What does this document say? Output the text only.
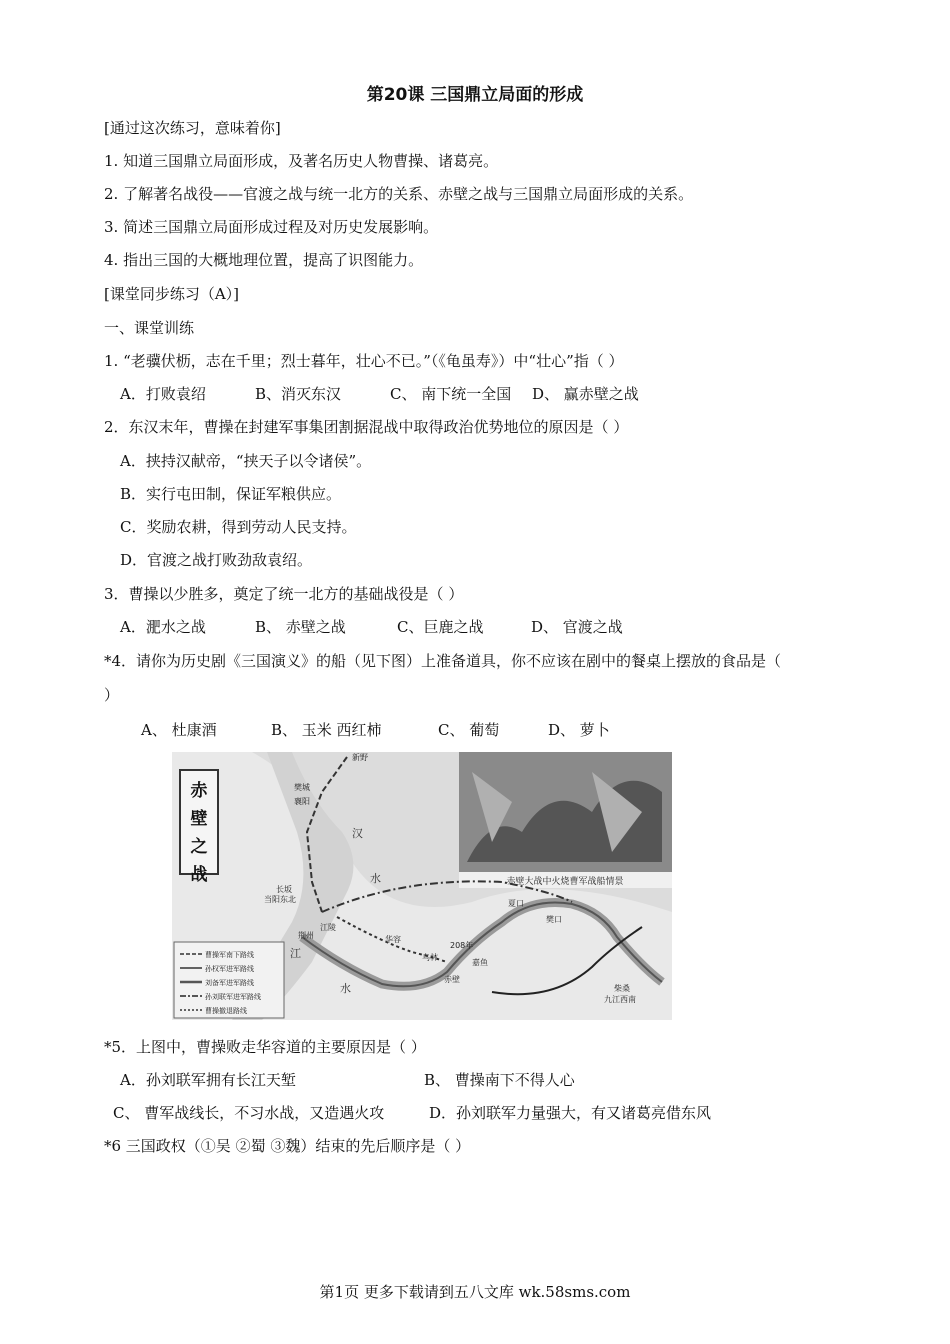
第20课 三国鼎立局面的形成
[通过这次练习，意味着你]
1. 知道三国鼎立局面形成，及著名历史人物曹操、诸葛亮。
2. 了解著名战役——官渡之战与统一北方的关系、赤壁之战与三国鼎立局面形成的关系。
3. 简述三国鼎立局面形成过程及对历史发展影响。
4. 指出三国的大概地理位置，提高了识图能力。
[课堂同步练习（A）]
一、课堂训练
1. “老骥伏枥，志在千里；烈士暮年，壮心不已。”（《龟虽寿》）中“壮心”指（ ）
A．打败袁绍	B、消灭东汉	C、 南下统一全国 D、 赢赤壁之战
2．东汉末年，曹操在封建军事集团割据混战中取得政治优势地位的原因是（ ）
A．挟持汉献帝，“挟天子以令诸侯”。
B．实行屯田制，保证军粮供应。
C．奖励农耕，得到劳动人民支持。
D．官渡之战打败劲敌袁绍。
3．曹操以少胜多，奠定了统一北方的基础战役是（ ）
A．淝水之战	B、 赤壁之战	C、巨鹿之战	D、 官渡之战
*4．请你为历史剧《三国演义》的船（见下图）上准备道具，你不应该在剧中的餐桌上摆放的食品是（
）
A、 杜康酒	B、 玉米 西红柿	C、 葡萄	D、 萝卜
赤
壁
之
战	赤壁大战中火烧曹军战船情景
新野
樊城
襄阳
长坂
当阳东北
江陵
荆州	华容
乌林
赤壁
夏口
嘉鱼
樊口
柴桑
九江西南
208年
汉
水
江
水
曹操军南下路线
孙权军进军路线
刘备军进军路线
孙刘联军进军路线
曹操撤退路线
*5．上图中，曹操败走华容道的主要原因是（ ）
A．孙刘联军拥有长江天堑	B、 曹操南下不得人心
C、 曹军战线长，不习水战，又造遇火攻	D．孙刘联军力量强大，有又诸葛亮借东风
*6 三国政权（①吴 ②蜀 ③魏）结束的先后顺序是（ ）
第1页 更多下载请到五八文库 wk.58sms.com
